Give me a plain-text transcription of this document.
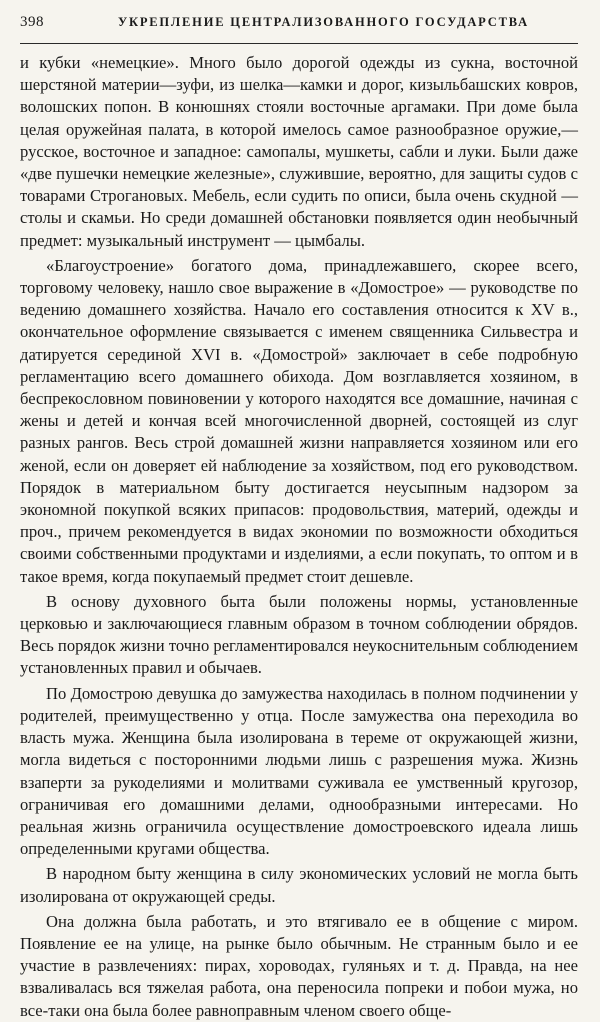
398	УКРЕПЛЕНИЕ ЦЕНТРАЛИЗОВАННОГО ГОСУДАРСТВА

и кубки «немецкие». Много было дорогой одежды из сукна, восточной шерстяной материи—зуфи, из шелка—камки и дорог, кизыльбашских ковров, волошских попон. В конюшнях стояли восточные аргамаки. При доме была целая оружейная палата, в которой имелось самое разнообразное оружие,— русское, восточное и западное: самопалы, мушкеты, сабли и луки. Были даже «две пушечки немецкие железные», служившие, вероятно, для защиты судов с товарами Строгановых. Мебель, если судить по описи, была очень скудной — столы и скамьи. Но среди домашней обстановки появляется один необычный предмет: музыкальный инструмент — цымбалы.

«Благоустроение» богатого дома, принадлежавшего, скорее всего, торговому человеку, нашло свое выражение в «Домострое» — руководстве по ведению домашнего хозяйства. Начало его составления относится к XV в., окончательное оформление связывается с именем священника Сильвестра и датируется серединой XVI в. «Домострой» заключает в себе подробную регламентацию всего домашнего обихода. Дом возглавляется хозяином, в беспрекословном повиновении у которого находятся все домашние, начиная с жены и детей и кончая всей многочисленной дворней, состоящей из слуг разных рангов. Весь строй домашней жизни направляется хозяином или его женой, если он доверяет ей наблюдение за хозяйством, под его руководством. Порядок в материальном быту достигается неусыпным надзором за экономной покупкой всяких припасов: продовольствия, материй, одежды и проч., причем рекомендуется в видах экономии по возможности обходиться своими собственными продуктами и изделиями, а если покупать, то оптом и в такое время, когда покупаемый предмет стоит дешевле.

В основу духовного быта были положены нормы, установленные церковью и заключающиеся главным образом в точном соблюдении обрядов. Весь порядок жизни точно регламентировался неукоснительным соблюдением установленных правил и обычаев.

По Домострою девушка до замужества находилась в полном подчинении у родителей, преимущественно у отца. После замужества она переходила во власть мужа. Женщина была изолирована в тереме от окружающей жизни, могла видеться с посторонними людьми лишь с разрешения мужа. Жизнь взаперти за рукоделиями и молитвами суживала ее умственный кругозор, ограничивая его домашними делами, однообразными интересами. Но реальная жизнь ограничила осуществление домостроевского идеала лишь определенными кругами общества.

В народном быту женщина в силу экономических условий не могла быть изолирована от окружающей среды.

Она должна была работать, и это втягивало ее в общение с миром. Появление ее на улице, на рынке было обычным. Не странным было и ее участие в развлечениях: пирах, хороводах, гуляньях и т. д. Правда, на нее взваливалась вся тяжелая работа, она переносила попреки и побои мужа, но все-таки она была более равноправным членом своего обще-
